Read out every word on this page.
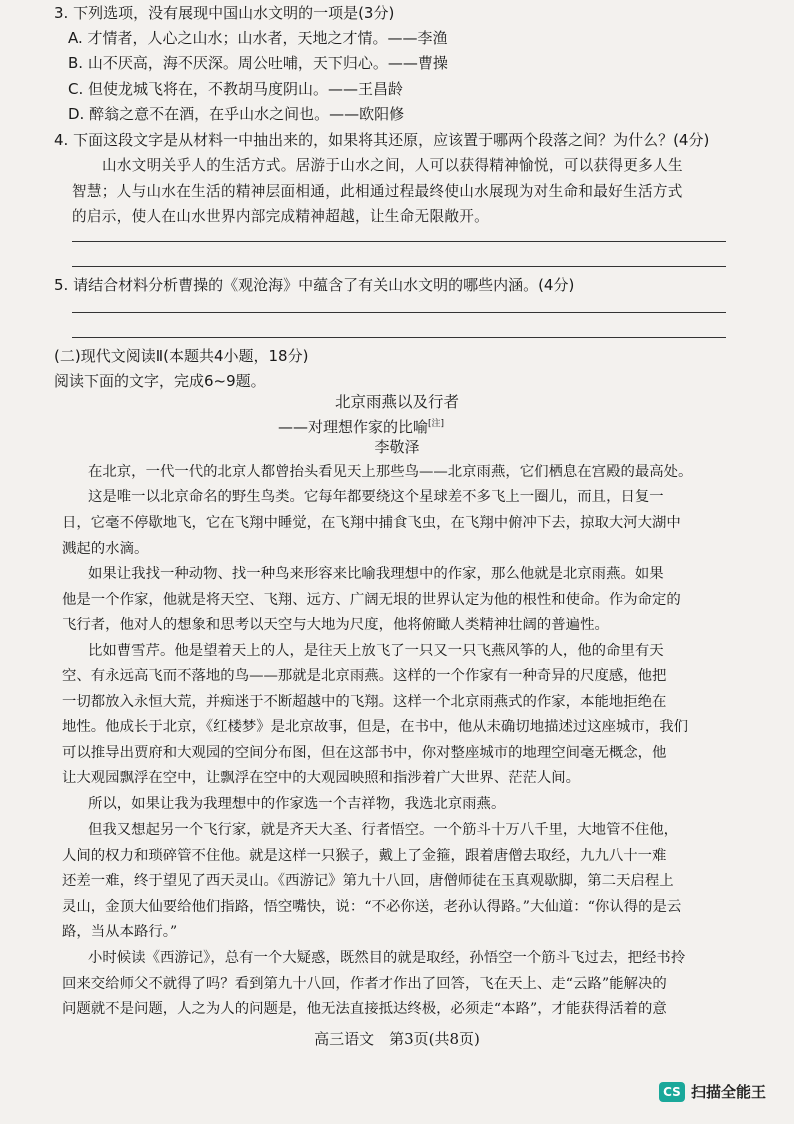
3. 下列选项，没有展现中国山水文明的一项是(3分)
A. 才情者，人心之山水；山水者，天地之才情。——李渔
B. 山不厌高，海不厌深。周公吐哺，天下归心。——曹操
C. 但使龙城飞将在，不教胡马度阴山。——王昌龄
D. 醉翁之意不在酒，在乎山水之间也。——欧阳修
4. 下面这段文字是从材料一中抽出来的，如果将其还原，应该置于哪两个段落之间？为什么？(4分)
山水文明关乎人的生活方式。居游于山水之间，人可以获得精神愉悦，可以获得更多人生
智慧；人与山水在生活的精神层面相通，此相通过程最终使山水展现为对生命和最好生活方式
的启示，使人在山水世界内部完成精神超越，让生命无限敞开。
5. 请结合材料分析曹操的《观沧海》中蕴含了有关山水文明的哪些内涵。(4分)
(二)现代文阅读Ⅱ(本题共4小题，18分)
阅读下面的文字，完成6~9题。
北京雨燕以及行者
——对理想作家的比喻[注]
李敬泽
在北京，一代一代的北京人都曾抬头看见天上那些鸟——北京雨燕，它们栖息在宫殿的最高处。
这是唯一以北京命名的野生鸟类。它每年都要绕这个星球差不多飞上一圈儿，而且，日复一
日，它毫不停歇地飞，它在飞翔中睡觉，在飞翔中捕食飞虫，在飞翔中俯冲下去，掠取大河大湖中
溅起的水滴。
如果让我找一种动物、找一种鸟来形容来比喻我理想中的作家，那么他就是北京雨燕。如果
他是一个作家，他就是将天空、飞翔、远方、广阔无垠的世界认定为他的根性和使命。作为命定的
飞行者，他对人的想象和思考以天空与大地为尺度，他将俯瞰人类精神壮阔的普遍性。
比如曹雪芹。他是望着天上的人，是往天上放飞了一只又一只飞燕风筝的人，他的命里有天
空、有永远高飞而不落地的鸟——那就是北京雨燕。这样的一个作家有一种奇异的尺度感，他把
一切都放入永恒大荒，并痴迷于不断超越中的飞翔。这样一个北京雨燕式的作家，本能地拒绝在
地性。他成长于北京，《红楼梦》是北京故事，但是，在书中，他从未确切地描述过这座城市，我们
可以推导出贾府和大观园的空间分布图，但在这部书中，你对整座城市的地理空间毫无概念，他
让大观园飘浮在空中，让飘浮在空中的大观园映照和指涉着广大世界、茫茫人间。
所以，如果让我为我理想中的作家选一个吉祥物，我选北京雨燕。
但我又想起另一个飞行家，就是齐天大圣、行者悟空。一个筋斗十万八千里，大地管不住他，
人间的权力和琐碎管不住他。就是这样一只猴子，戴上了金箍，跟着唐僧去取经，九九八十一难
还差一难，终于望见了西天灵山。《西游记》第九十八回，唐僧师徒在玉真观歇脚，第二天启程上
灵山，金顶大仙要给他们指路，悟空嘴快，说：“不必你送，老孙认得路。”大仙道：“你认得的是云
路，当从本路行。”
小时候读《西游记》，总有一个大疑惑，既然目的就是取经，孙悟空一个筋斗飞过去，把经书拎
回来交给师父不就得了吗？看到第九十八回，作者才作出了回答，飞在天上、走“云路”能解决的
问题就不是问题，人之为人的问题是，他无法直接抵达终极，必须走“本路”，才能获得活着的意
高三语文　第3页(共8页)
CS 扫描全能王
